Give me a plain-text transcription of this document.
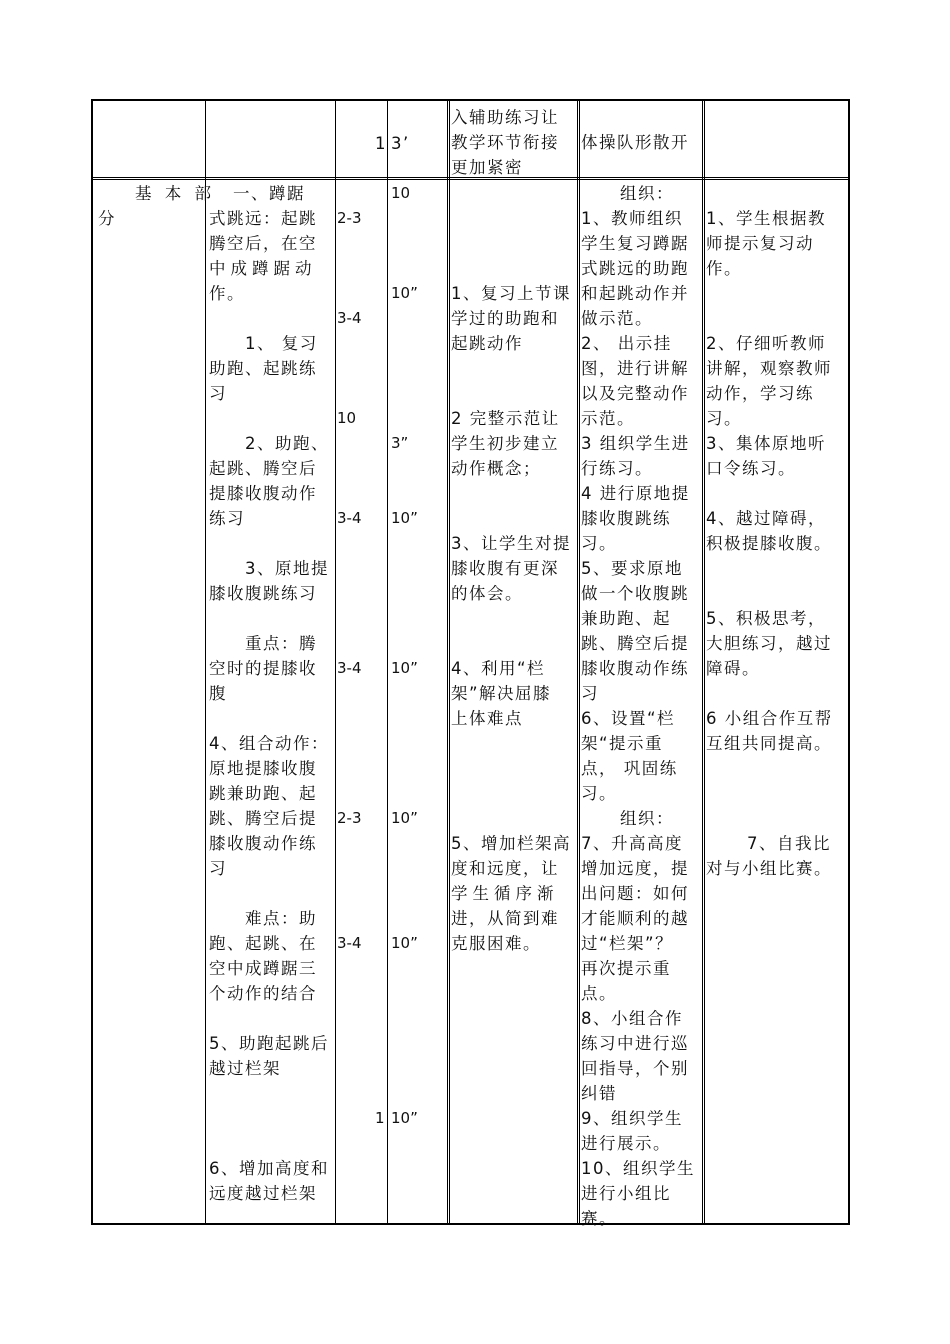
1 3’
入辅助练习让
教学环节衔接
更加紧密
体操队形散开
基 本 部
分
一、蹲踞
式跳远：起跳
腾空后，在空
中成蹲踞动
作。
1、 复习
助跑、起跳练
习
2、助跑、
起跳、腾空后
提膝收腹动作
练习
3、原地提
膝收腹跳练习
重点：腾
空时的提膝收
腹
4、组合动作：
原地提膝收腹
跳兼助跑、起
跳、腾空后提
膝收腹动作练
习
难点：助
跑、起跳、在
空中成蹲踞三
个动作的结合
5、助跑起跳后
越过栏架
6、增加高度和
远度越过栏架
2-3
3-4
10
3-4
3-4
2-3
3-4
1
10
10”
3”
10”
10”
10”
10”
10”
1、复习上节课
学过的助跑和
起跳动作
2 完整示范让
学生初步建立
动作概念；
3、让学生对提
膝收腹有更深
的体会。
4、利用“栏
架”解决屈膝
上体难点
5、增加栏架高
度和远度，让
学生循序渐
进，从简到难
克服困难。
组织：
1、教师组织
学生复习蹲踞
式跳远的助跑
和起跳动作并
做示范。
2、 出示挂
图，进行讲解
以及完整动作
示范。
3 组织学生进
行练习。
4 进行原地提
膝收腹跳练
习。
5、要求原地
做一个收腹跳
兼助跑、起
跳、腾空后提
膝收腹动作练
习
6、设置“栏
架“提示重
点， 巩固练
习。
组织：
7、升高高度
增加远度，提
出问题：如何
才能顺利的越
过“栏架”？
再次提示重
点。
8、小组合作
练习中进行巡
回指导，个别
纠错
9、组织学生
进行展示。
10、组织学生
进行小组比
赛。
1、学生根据教
师提示复习动
作。
2、仔细听教师
讲解，观察教师
动作，学习练
习。
3、集体原地听
口令练习。
4、越过障碍，
积极提膝收腹。
5、积极思考，
大胆练习，越过
障碍。
6 小组合作互帮
互组共同提高。
7、自我比
对与小组比赛。
